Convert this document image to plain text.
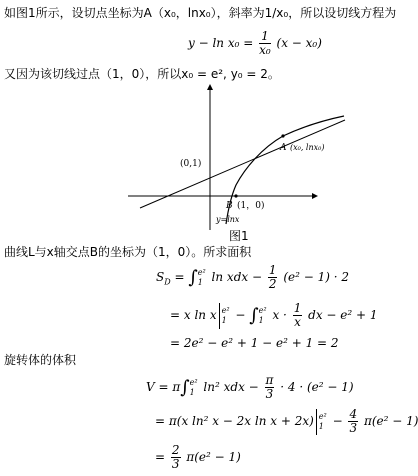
如图1所示，设切点坐标为A（x₀，lnx₀），斜率为1/x₀，所以设切线方程为
$y - \ln x_0 = \frac{1}{\text{x₀}} (x - x_0)$
又因为该切线过点（1，0），所以x₀ = e², y₀ = 2。
(0,1)
A (x₀, lnx₀)
B (1，0)
y=lnx
图1
曲线L与x轴交点B的坐标为（1，0）。所求面积
$S_D$ = ∫ e²
1 ln xdx − $\frac{1}{2} (e^2 - 1) \cdot 2$
= x ln x e²
1 − ∫ e²
1 $x \cdot \frac{1}{x}$ dx − e² + 1
= 2e² − e² + 1 − e² + 1 = 2
旋转体的体积
V = π∫ e²
1 ln² xdx − $\frac{\pi}{3} \cdot 4 \cdot (e^2 - 1)$
= π(x ln² x − 2x ln x + 2x) e²
$1 - \frac{4}{3} \pi(e^2 - 1)$
= $\frac{2}{3} \pi(e^2 - 1)$
